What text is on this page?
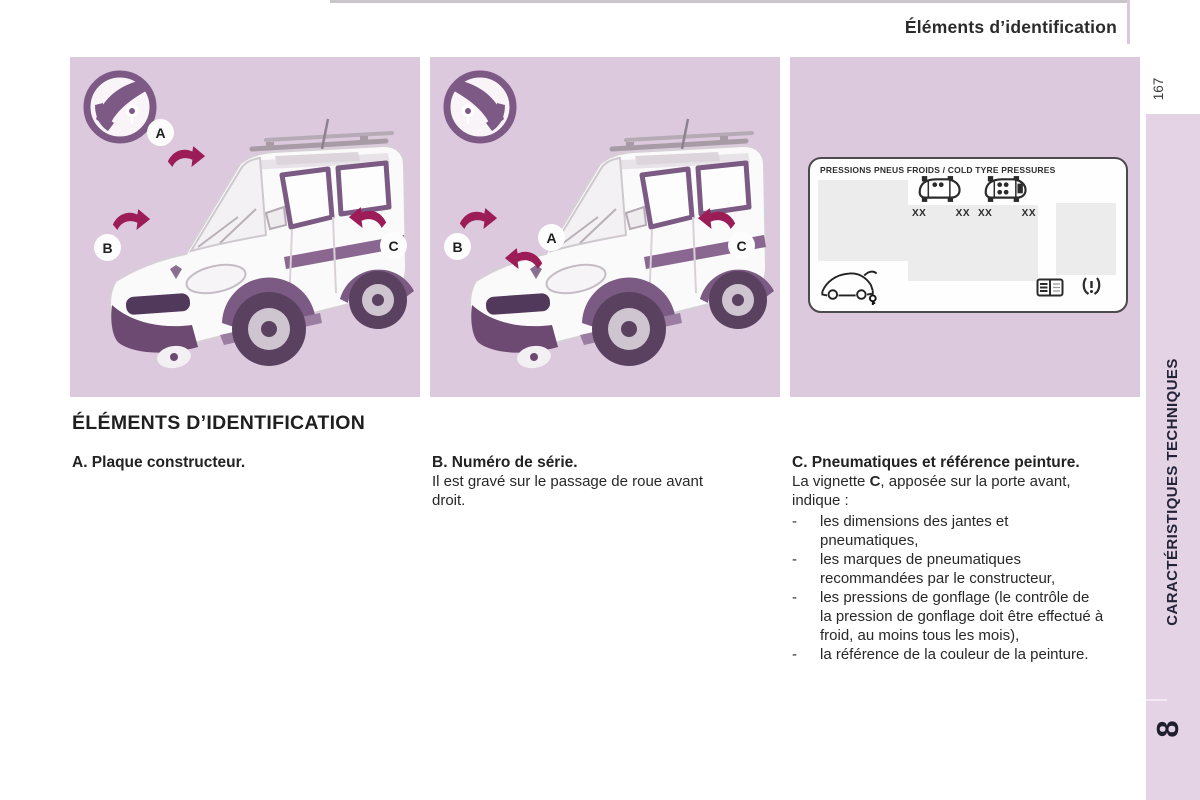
Éléments d’identification
167
CARACTÉRISTIQUES TECHNIQUES
8
A
B	C	B
A	C
PRESSIONS PNEUS FROIDS / COLD TYRE PRESSURES
XX	XX XX	XX
ÉLÉMENTS D’IDENTIFICATION

A. Plaque constructeur.	B. Numéro de série.

Il est gravé sur le passage de roue avant droit.

C. Pneumatiques et référence peinture.

La vignette C, apposée sur la porte avant, indique :

-	les dimensions des jantes et pneumatiques,
-	les marques de pneumatiques recommandées par le constructeur,
-	les pressions de gonflage (le contrôle de la pression de gonflage doit être effectué à froid, au moins tous les mois),
-	la référence de la couleur de la peinture.
